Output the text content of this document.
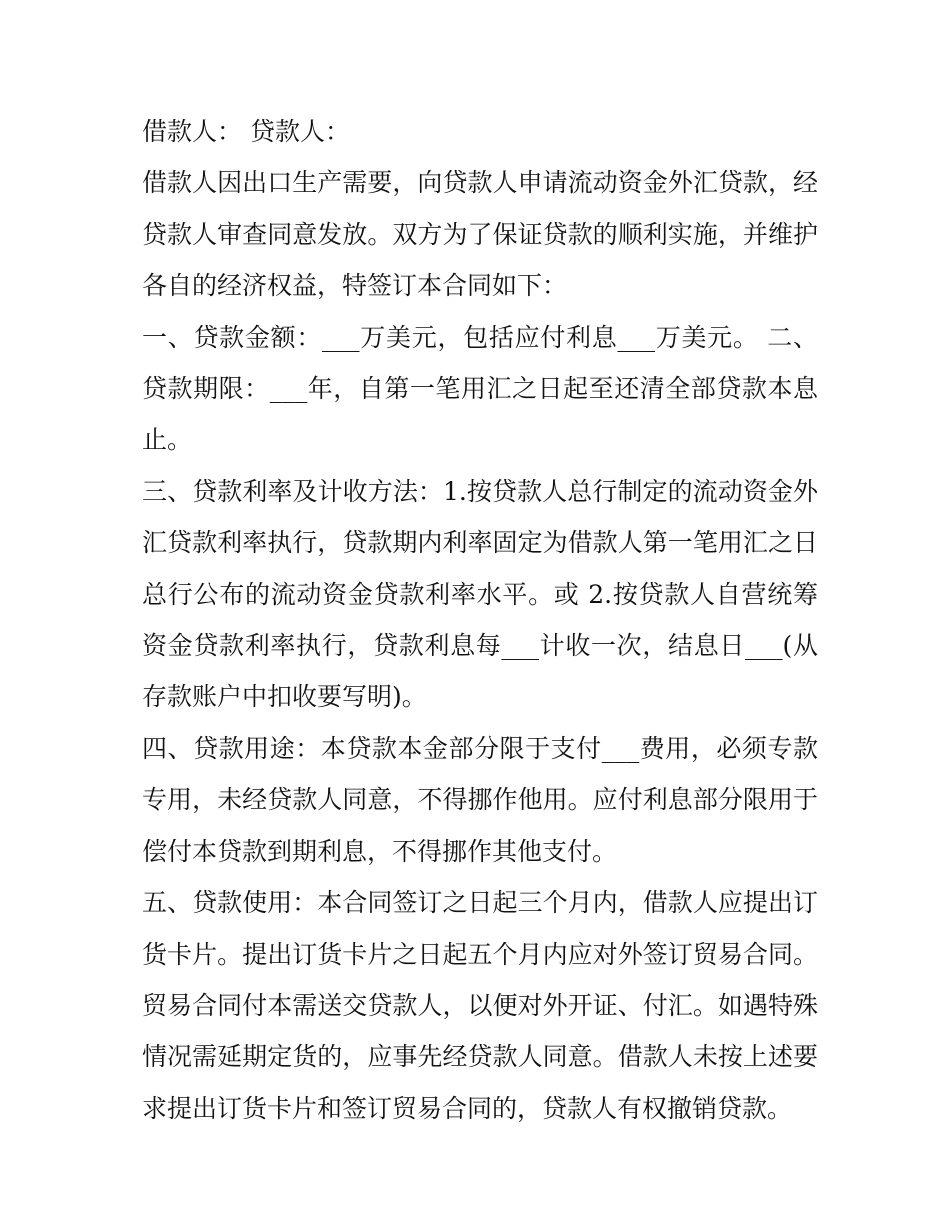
借款人： 贷款人：

借款人因出口生产需要，向贷款人申请流动资金外汇贷款，经贷款人审查同意发放。双方为了保证贷款的顺利实施，并维护各自的经济权益，特签订本合同如下：

一、贷款金额：___万美元，包括应付利息___万美元。 二、贷款期限：___年，自第一笔用汇之日起至还清全部贷款本息止。

三、贷款利率及计收方法：1.按贷款人总行制定的流动资金外汇贷款利率执行，贷款期内利率固定为借款人第一笔用汇之日总行公布的流动资金贷款利率水平。或 2.按贷款人自营统筹资金贷款利率执行，贷款利息每___计收一次，结息日___(从存款账户中扣收要写明)。

四、贷款用途：本贷款本金部分限于支付___费用，必须专款专用，未经贷款人同意，不得挪作他用。应付利息部分限用于偿付本贷款到期利息，不得挪作其他支付。

五、贷款使用：本合同签订之日起三个月内，借款人应提出订货卡片。提出订货卡片之日起五个月内应对外签订贸易合同。贸易合同付本需送交贷款人，以便对外开证、付汇。如遇特殊情况需延期定货的，应事先经贷款人同意。借款人未按上述要求提出订货卡片和签订贸易合同的，贷款人有权撤销贷款。
